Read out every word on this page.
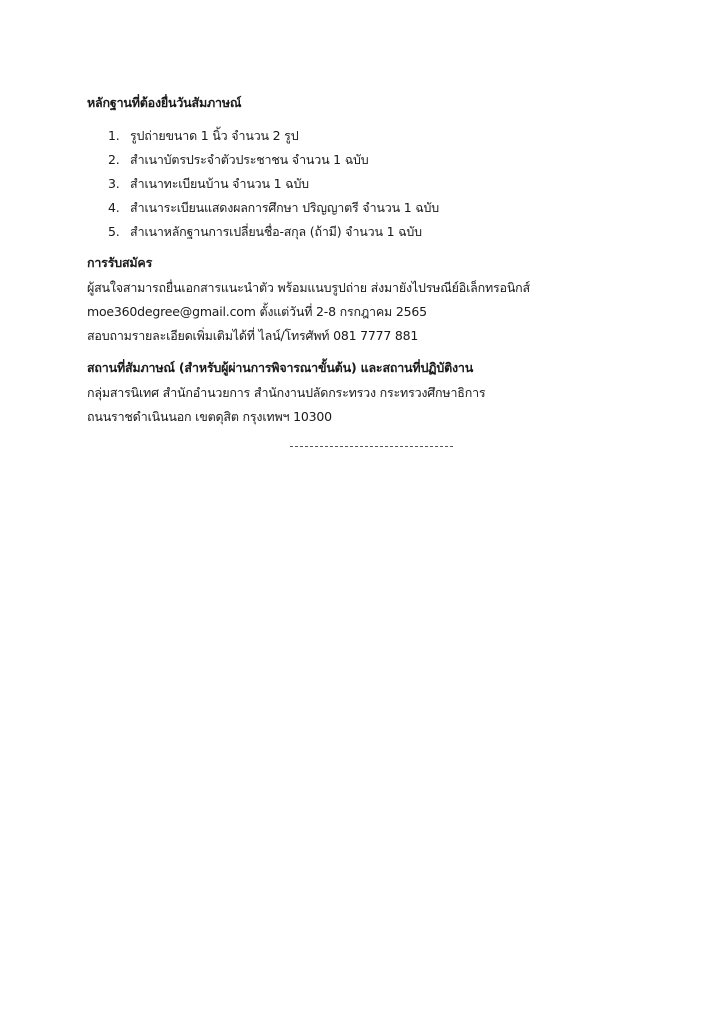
หลักฐานที่ต้องยื่นวันสัมภาษณ์
1. รูปถ่ายขนาด 1 นิ้ว จำนวน 2 รูป
2. สำเนาบัตรประจำตัวประชาชน จำนวน 1 ฉบับ
3. สำเนาทะเบียนบ้าน จำนวน 1 ฉบับ
4. สำเนาระเบียนแสดงผลการศึกษา ปริญญาตรี จำนวน 1 ฉบับ
5. สำเนาหลักฐานการเปลี่ยนชื่อ-สกุล (ถ้ามี) จำนวน 1 ฉบับ
การรับสมัคร
ผู้สนใจสามารถยื่นเอกสารแนะนำตัว พร้อมแนบรูปถ่าย ส่งมายังไปรษณีย์อิเล็กทรอนิกส์
moe360degree@gmail.com ตั้งแต่วันที่ 2-8 กรกฎาคม 2565
สอบถามรายละเอียดเพิ่มเติมได้ที่ ไลน์/โทรศัพท์ 081 7777 881
สถานที่สัมภาษณ์ (สำหรับผู้ผ่านการพิจารณาขั้นต้น) และสถานที่ปฏิบัติงาน
กลุ่มสารนิเทศ สำนักอำนวยการ สำนักงานปลัดกระทรวง กระทรวงศึกษาธิการ
ถนนราชดำเนินนอก เขตดุสิต กรุงเทพฯ 10300
